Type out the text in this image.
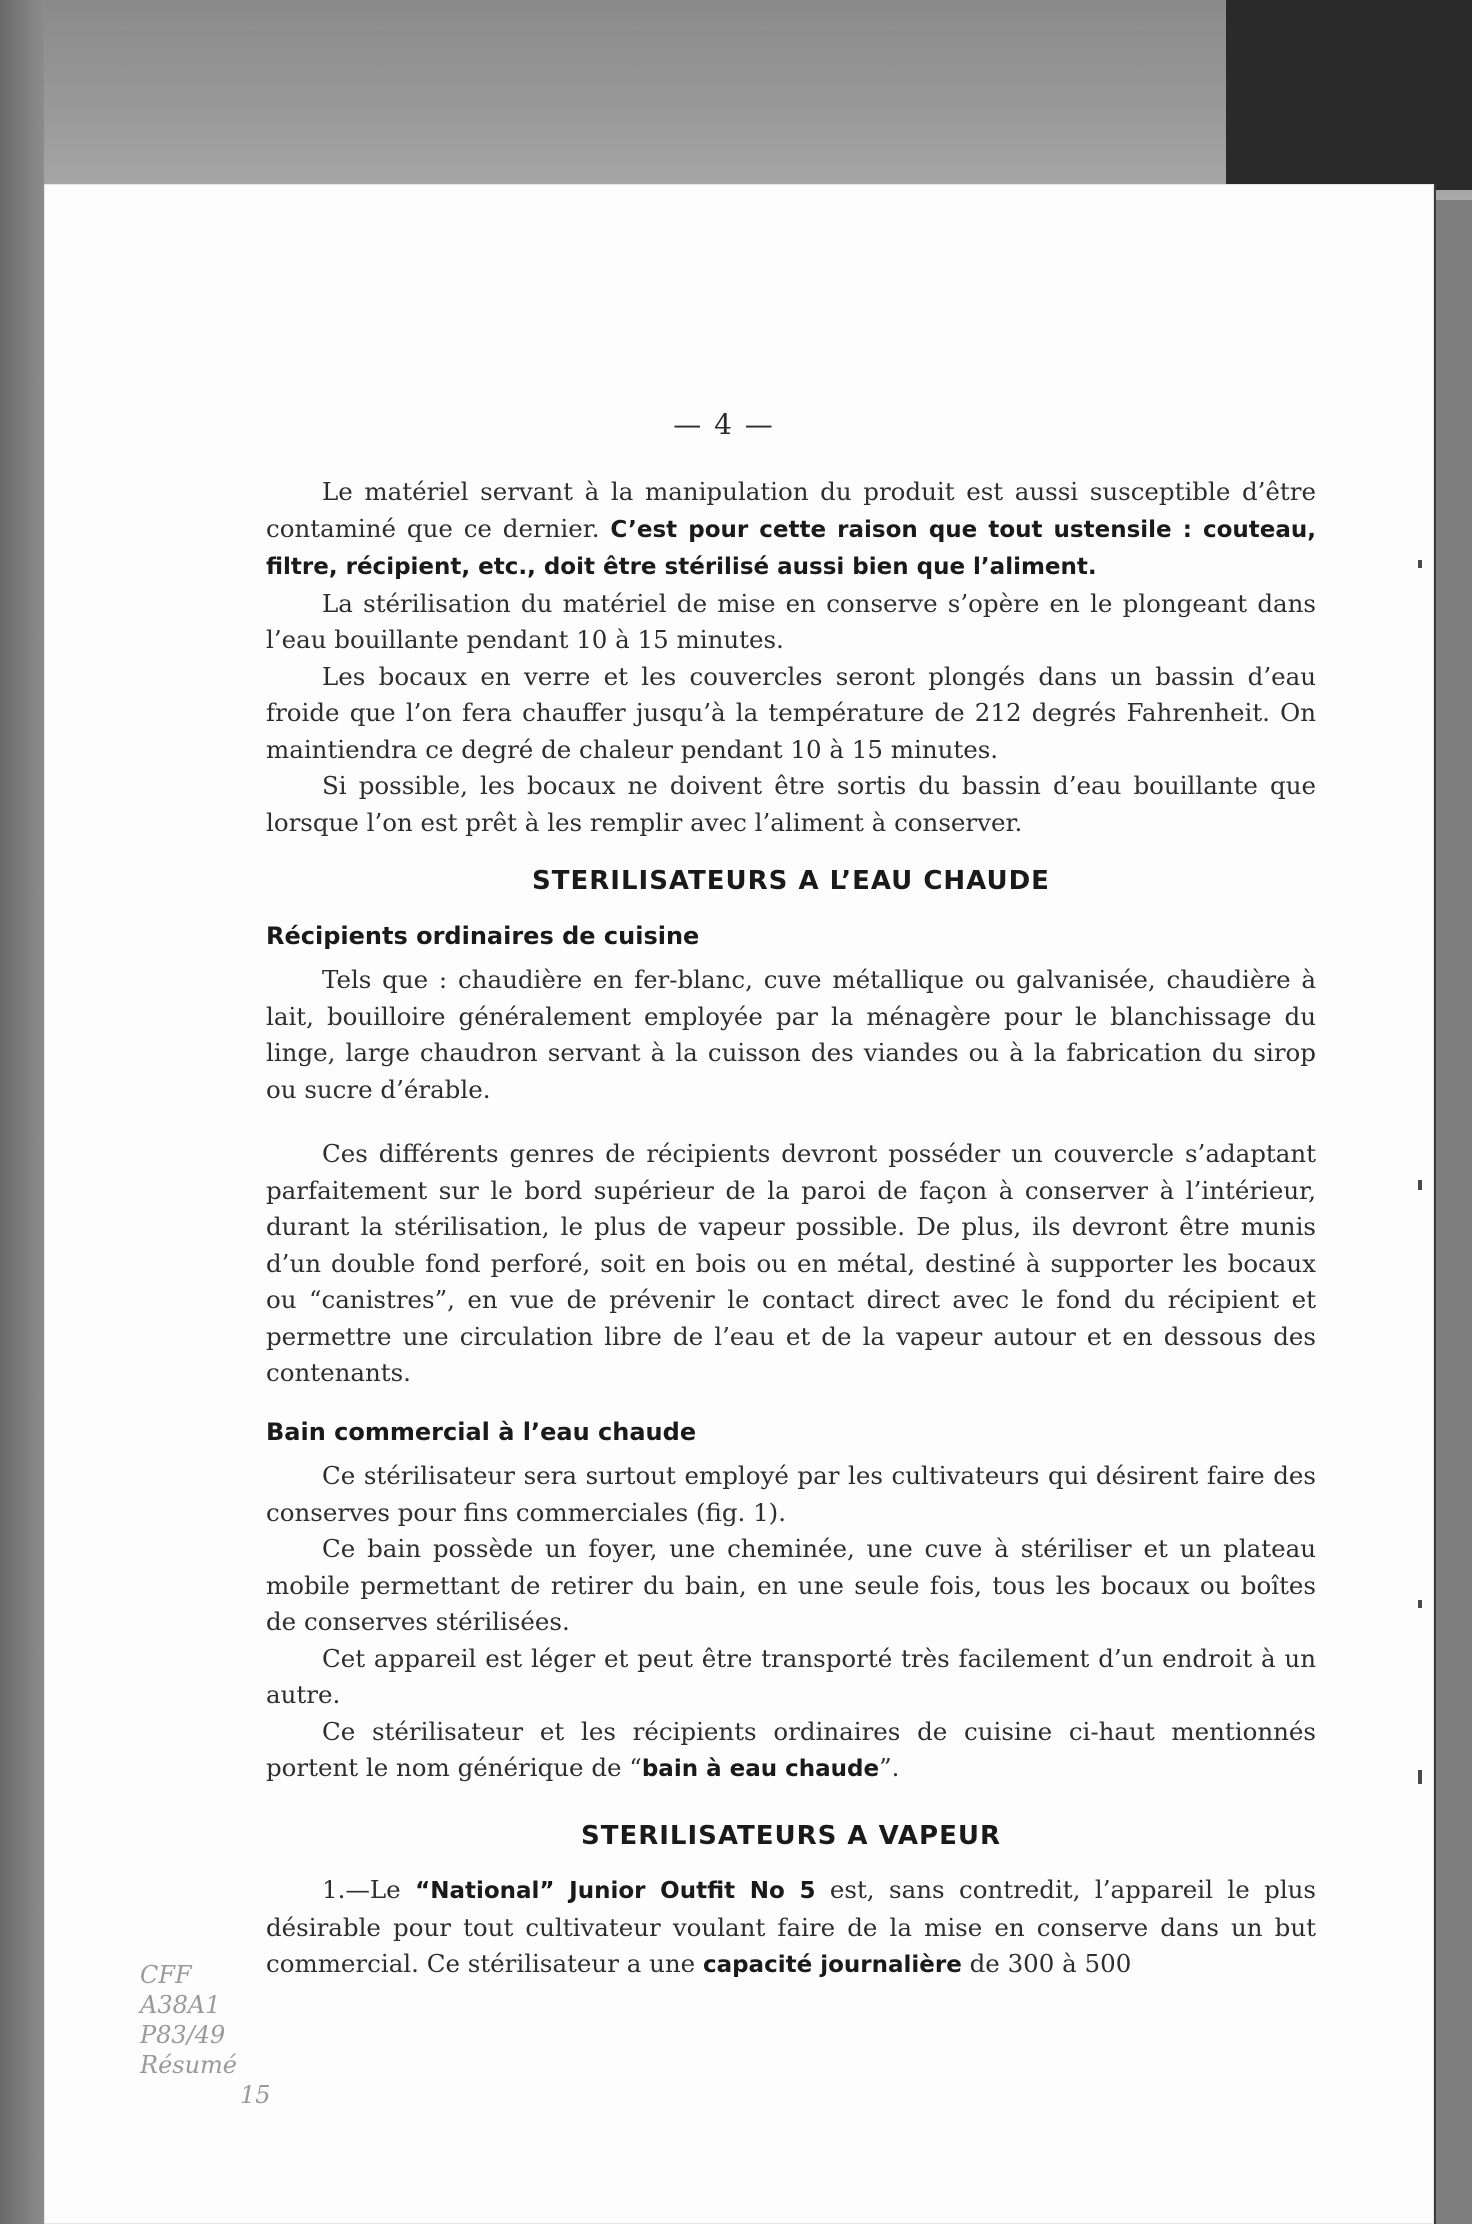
— 4 —

Le matériel servant à la manipulation du produit est aussi susceptible d’être contaminé que ce dernier. C’est pour cette raison que tout ustensile : couteau, filtre, récipient, etc., doit être stérilisé aussi bien que l’aliment.

La stérilisation du matériel de mise en conserve s’opère en le plongeant dans l’eau bouillante pendant 10 à 15 minutes.

Les bocaux en verre et les couvercles seront plongés dans un bassin d’eau froide que l’on fera chauffer jusqu’à la température de 212 degrés Fahrenheit. On maintiendra ce degré de chaleur pendant 10 à 15 minutes.

Si possible, les bocaux ne doivent être sortis du bassin d’eau bouillante que lorsque l’on est prêt à les remplir avec l’aliment à conserver.

STERILISATEURS A L’EAU CHAUDE
Récipients ordinaires de cuisine

Tels que : chaudière en fer-blanc, cuve métallique ou galvanisée, chaudière à lait, bouilloire généralement employée par la ménagère pour le blanchissage du linge, large chaudron servant à la cuisson des viandes ou à la fabrication du sirop ou sucre d’érable.

Ces différents genres de récipients devront posséder un couvercle s’adaptant parfaitement sur le bord supérieur de la paroi de façon à conserver à l’intérieur, durant la stérilisation, le plus de vapeur possible. De plus, ils devront être munis d’un double fond perforé, soit en bois ou en métal, destiné à supporter les bocaux ou “canistres”, en vue de prévenir le contact direct avec le fond du récipient et permettre une circulation libre de l’eau et de la vapeur autour et en dessous des contenants.

Bain commercial à l’eau chaude

Ce stérilisateur sera surtout employé par les cultivateurs qui désirent faire des conserves pour fins commerciales (fig. 1).

Ce bain possède un foyer, une cheminée, une cuve à stériliser et un plateau mobile permettant de retirer du bain, en une seule fois, tous les bocaux ou boîtes de conserves stérilisées.

Cet appareil est léger et peut être transporté très facilement d’un endroit à un autre.

Ce stérilisateur et les récipients ordinaires de cuisine ci-haut mentionnés portent le nom générique de “bain à eau chaude”.

STERILISATEURS A VAPEUR

1.—Le “National” Junior Outfit No 5 est, sans contredit, l’appareil le plus désirable pour tout cultivateur voulant faire de la mise en conserve dans un but commercial. Ce stérilisateur a une capacité journalière de 300 à 500

CFF
A38A1
P83/49
Résumé
15
